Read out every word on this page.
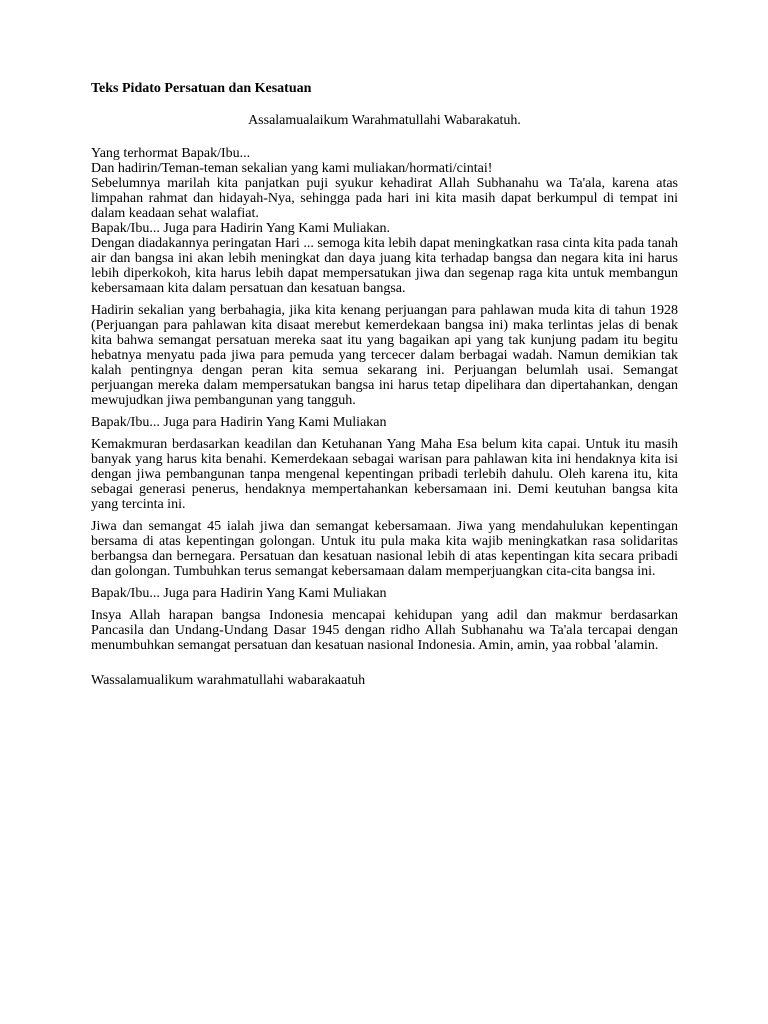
Teks Pidato Persatuan dan Kesatuan

Assalamualaikum Warahmatullahi Wabarakatuh.

Yang terhormat Bapak/Ibu...

Dan hadirin/Teman-teman sekalian yang kami muliakan/hormati/cintai!

Sebelumnya marilah kita panjatkan puji syukur kehadirat Allah Subhanahu wa Ta'ala, karena atas limpahan rahmat dan hidayah-Nya, sehingga pada hari ini kita masih dapat berkumpul di tempat ini dalam keadaan sehat walafiat.

Bapak/Ibu... Juga para Hadirin Yang Kami Muliakan.

Dengan diadakannya peringatan Hari ... semoga kita lebih dapat meningkatkan rasa cinta kita pada tanah air dan bangsa ini akan lebih meningkat dan daya juang kita terhadap bangsa dan negara kita ini harus lebih diperkokoh, kita harus lebih dapat mempersatukan jiwa dan segenap raga kita untuk membangun kebersamaan kita dalam persatuan dan kesatuan bangsa.

Hadirin sekalian yang berbahagia, jika kita kenang perjuangan para pahlawan muda kita di tahun 1928 (Perjuangan para pahlawan kita disaat merebut kemerdekaan bangsa ini) maka terlintas jelas di benak kita bahwa semangat persatuan mereka saat itu yang bagaikan api yang tak kunjung padam itu begitu hebatnya menyatu pada jiwa para pemuda yang tercecer dalam berbagai wadah. Namun demikian tak kalah pentingnya dengan peran kita semua sekarang ini. Perjuangan belumlah usai. Semangat perjuangan mereka dalam mempersatukan bangsa ini harus tetap dipelihara dan dipertahankan, dengan mewujudkan jiwa pembangunan yang tangguh.

Bapak/Ibu... Juga para Hadirin Yang Kami Muliakan

Kemakmuran berdasarkan keadilan dan Ketuhanan Yang Maha Esa belum kita capai. Untuk itu masih banyak yang harus kita benahi. Kemerdekaan sebagai warisan para pahlawan kita ini hendaknya kita isi dengan jiwa pembangunan tanpa mengenal kepentingan pribadi terlebih dahulu. Oleh karena itu, kita sebagai generasi penerus, hendaknya mempertahankan kebersamaan ini. Demi keutuhan bangsa kita yang tercinta ini.

Jiwa dan semangat 45 ialah jiwa dan semangat kebersamaan. Jiwa yang mendahulukan kepentingan bersama di atas kepentingan golongan. Untuk itu pula maka kita wajib meningkatkan rasa solidaritas berbangsa dan bernegara. Persatuan dan kesatuan nasional lebih di atas kepentingan kita secara pribadi dan golongan. Tumbuhkan terus semangat kebersamaan dalam memperjuangkan cita-cita bangsa ini.

Bapak/Ibu... Juga para Hadirin Yang Kami Muliakan

Insya Allah harapan bangsa Indonesia mencapai kehidupan yang adil dan makmur berdasarkan Pancasila dan Undang-Undang Dasar 1945 dengan ridho Allah Subhanahu wa Ta'ala tercapai dengan menumbuhkan semangat persatuan dan kesatuan nasional Indonesia. Amin, amin, yaa robbal 'alamin.

Wassalamualikum warahmatullahi wabarakaatuh
